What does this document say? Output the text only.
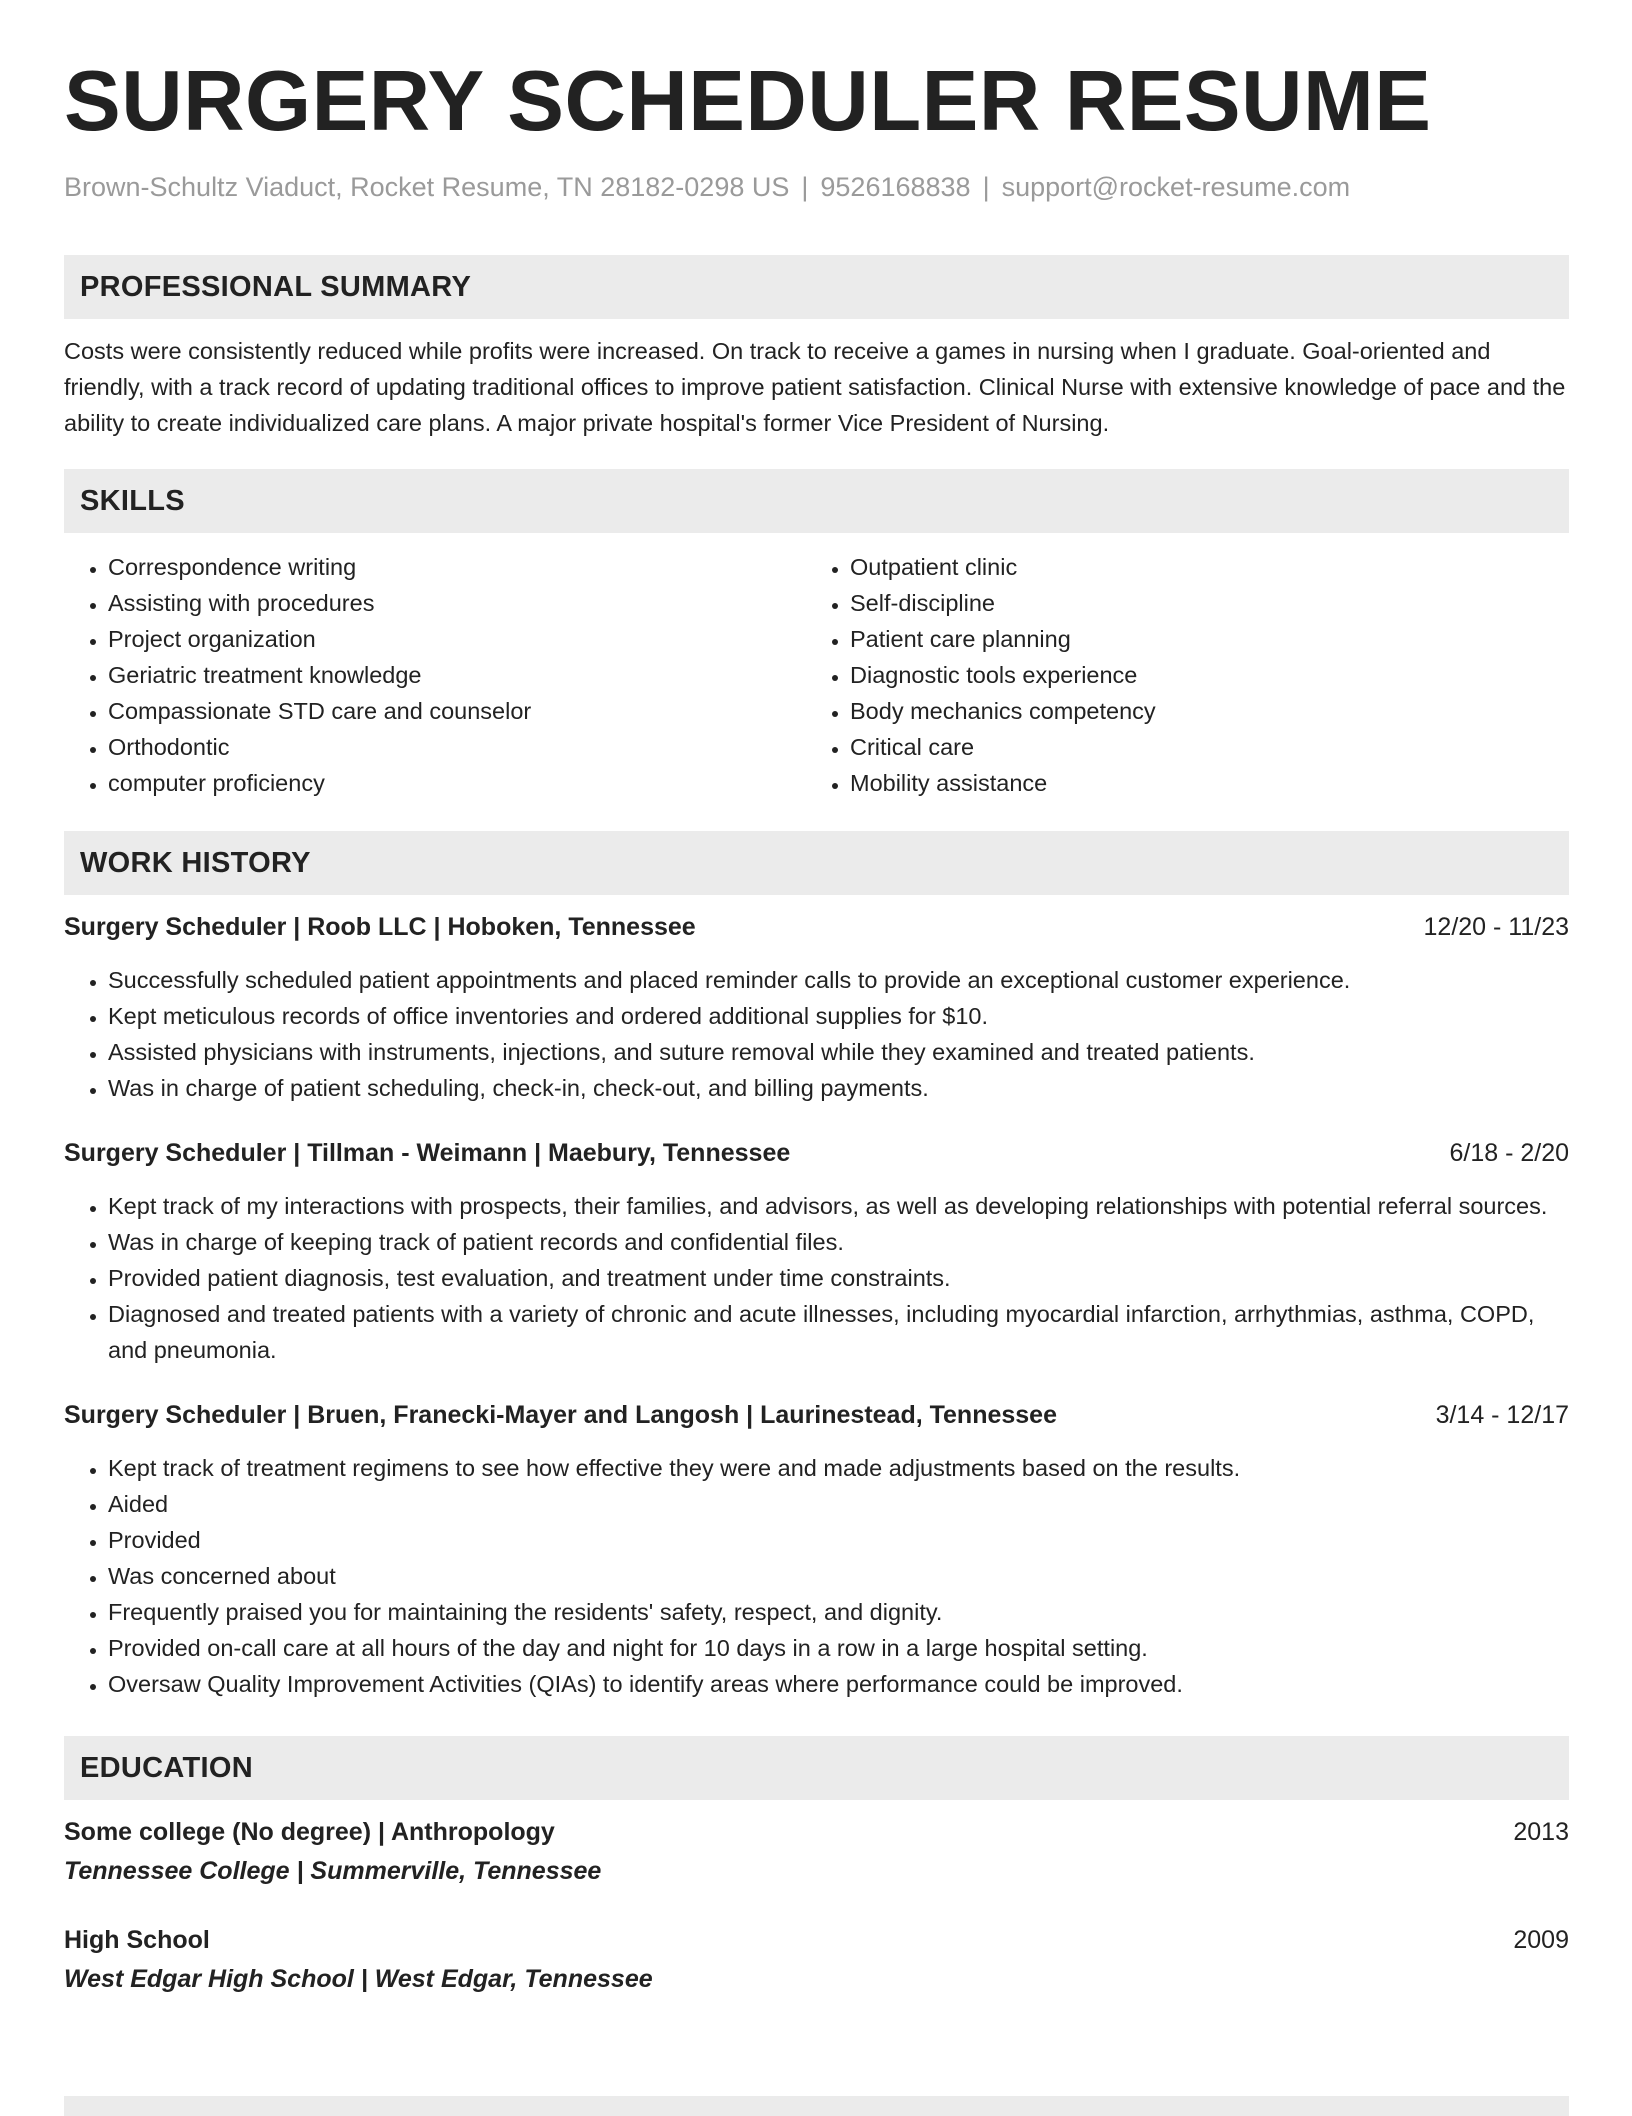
SURGERY SCHEDULER RESUME
Brown-Schultz Viaduct, Rocket Resume, TN 28182-0298 US | 9526168838 | support@rocket-resume.com
PROFESSIONAL SUMMARY

Costs were consistently reduced while profits were increased. On track to receive a games in nursing when I graduate. Goal-oriented and friendly, with a track record of updating traditional offices to improve patient satisfaction. Clinical Nurse with extensive knowledge of pace and the ability to create individualized care plans. A major private hospital's former Vice President of Nursing.

SKILLS
• Correspondence writing
• Assisting with procedures
• Project organization
• Geriatric treatment knowledge
• Compassionate STD care and counselor
• Orthodontic
• computer proficiency
• Outpatient clinic
• Self-discipline
• Patient care planning
• Diagnostic tools experience
• Body mechanics competency
• Critical care
• Mobility assistance
WORK HISTORY
Surgery Scheduler | Roob LLC | Hoboken, Tennessee	12/20 - 11/23
• Successfully scheduled patient appointments and placed reminder calls to provide an exceptional customer experience.
• Kept meticulous records of office inventories and ordered additional supplies for $10.
• Assisted physicians with instruments, injections, and suture removal while they examined and treated patients.
• Was in charge of patient scheduling, check-in, check-out, and billing payments.
Surgery Scheduler | Tillman - Weimann | Maebury, Tennessee	6/18 - 2/20
• Kept track of my interactions with prospects, their families, and advisors, as well as developing relationships with potential referral sources.
• Was in charge of keeping track of patient records and confidential files.
• Provided patient diagnosis, test evaluation, and treatment under time constraints.
• Diagnosed and treated patients with a variety of chronic and acute illnesses, including myocardial infarction, arrhythmias, asthma, COPD, and pneumonia.
Surgery Scheduler | Bruen, Franecki-Mayer and Langosh | Laurinestead, Tennessee	3/14 - 12/17
• Kept track of treatment regimens to see how effective they were and made adjustments based on the results.
• Aided
• Provided
• Was concerned about
• Frequently praised you for maintaining the residents' safety, respect, and dignity.
• Provided on-call care at all hours of the day and night for 10 days in a row in a large hospital setting.
• Oversaw Quality Improvement Activities (QIAs) to identify areas where performance could be improved.
EDUCATION
Some college (No degree) | Anthropology	2013
Tennessee College | Summerville, Tennessee
High School	2009
West Edgar High School | West Edgar, Tennessee
